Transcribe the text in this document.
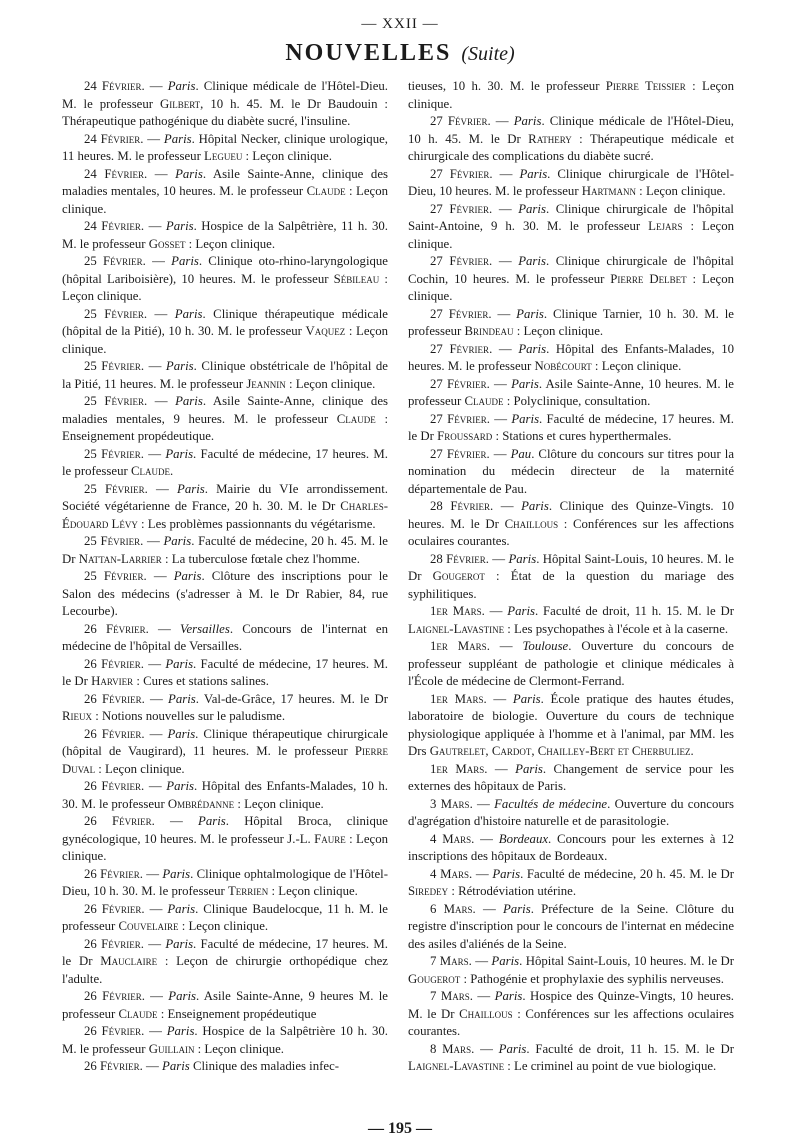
— XXII —
NOUVELLES (Suite)

24 Février. — Paris. Clinique médicale de l'Hôtel-Dieu. M. le professeur Gilbert, 10 h. 45. M. le Dr Baudouin : Thérapeutique pathogénique du diabète sucré, l'insuline.

24 Février. — Paris. Hôpital Necker, clinique urologique, 11 heures. M. le professeur Legueu : Leçon clinique.

24 Février. — Paris. Asile Sainte-Anne, clinique des maladies mentales, 10 heures. M. le professeur Claude : Leçon clinique.

24 Février. — Paris. Hospice de la Salpêtrière, 11 h. 30. M. le professeur Gosset : Leçon clinique.

25 Février. — Paris. Clinique oto-rhino-laryngologique (hôpital Lariboisière), 10 heures. M. le professeur Sébileau : Leçon clinique.

25 Février. — Paris. Clinique thérapeutique médicale (hôpital de la Pitié), 10 h. 30. M. le professeur Vaquez : Leçon clinique.

25 Février. — Paris. Clinique obstétricale de l'hôpital de la Pitié, 11 heures. M. le professeur Jeannin : Leçon clinique.

25 Février. — Paris. Asile Sainte-Anne, clinique des maladies mentales, 9 heures. M. le professeur Claude : Enseignement propédeutique.

25 Février. — Paris. Faculté de médecine, 17 heures. M. le professeur Claude.

25 Février. — Paris. Mairie du VIe arrondissement. Société végétarienne de France, 20 h. 30. M. le Dr Charles-Édouard Lévy : Les problèmes passionnants du végétarisme.

25 Février. — Paris. Faculté de médecine, 20 h. 45. M. le Dr Nattan-Larrier : La tuberculose fœtale chez l'homme.

25 Février. — Paris. Clôture des inscriptions pour le Salon des médecins (s'adresser à M. le Dr Rabier, 84, rue Lecourbe).

26 Février. — Versailles. Concours de l'internat en médecine de l'hôpital de Versailles.

26 Février. — Paris. Faculté de médecine, 17 heures. M. le Dr Harvier : Cures et stations salines.

26 Février. — Paris. Val-de-Grâce, 17 heures. M. le Dr Rieux : Notions nouvelles sur le paludisme.

26 Février. — Paris. Clinique thérapeutique chirurgicale (hôpital de Vaugirard), 11 heures. M. le professeur Pierre Duval : Leçon clinique.

26 Février. — Paris. Hôpital des Enfants-Malades, 10 h. 30. M. le professeur Ombrédanne : Leçon clinique.

26 Février. — Paris. Hôpital Broca, clinique gynécologique, 10 heures. M. le professeur J.-L. Faure : Leçon clinique.

26 Février. — Paris. Clinique ophtalmologique de l'Hôtel-Dieu, 10 h. 30. M. le professeur Terrien : Leçon clinique.

26 Février. — Paris. Clinique Baudelocque, 11 h. M. le professeur Couvelaire : Leçon clinique.

26 Février. — Paris. Faculté de médecine, 17 heures. M. le Dr Mauclaire : Leçon de chirurgie orthopédique chez l'adulte.

26 Février. — Paris. Asile Sainte-Anne, 9 heures M. le professeur Claude : Enseignement propédeutique

26 Février. — Paris. Hospice de la Salpêtrière 10 h. 30. M. le professeur Guillain : Leçon clinique.

26 Février. — Paris Clinique des maladies infec-

tieuses, 10 h. 30. M. le professeur Pierre Teissier : Leçon clinique.

27 Février. — Paris. Clinique médicale de l'Hôtel-Dieu, 10 h. 45. M. le Dr Rathery : Thérapeutique médicale et chirurgicale des complications du diabète sucré.

27 Février. — Paris. Clinique chirurgicale de l'Hôtel-Dieu, 10 heures. M. le professeur Hartmann : Leçon clinique.

27 Février. — Paris. Clinique chirurgicale de l'hôpital Saint-Antoine, 9 h. 30. M. le professeur Lejars : Leçon clinique.

27 Février. — Paris. Clinique chirurgicale de l'hôpital Cochin, 10 heures. M. le professeur Pierre Delbet : Leçon clinique.

27 Février. — Paris. Clinique Tarnier, 10 h. 30. M. le professeur Brindeau : Leçon clinique.

27 Février. — Paris. Hôpital des Enfants-Malades, 10 heures. M. le professeur Nobécourt : Leçon clinique.

27 Février. — Paris. Asile Sainte-Anne, 10 heures. M. le professeur Claude : Polyclinique, consultation.

27 Février. — Paris. Faculté de médecine, 17 heures. M. le Dr Froussard : Stations et cures hyperthermales.

27 Février. — Pau. Clôture du concours sur titres pour la nomination du médecin directeur de la maternité départementale de Pau.

28 Février. — Paris. Clinique des Quinze-Vingts. 10 heures. M. le Dr Chaillous : Conférences sur les affections oculaires courantes.

28 Février. — Paris. Hôpital Saint-Louis, 10 heures. M. le Dr Gougerot : État de la question du mariage des syphilitiques.

1er Mars. — Paris. Faculté de droit, 11 h. 15. M. le Dr Laignel-Lavastine : Les psychopathes à l'école et à la caserne.

1er Mars. — Toulouse. Ouverture du concours de professeur suppléant de pathologie et clinique médicales à l'École de médecine de Clermont-Ferrand.

1er Mars. — Paris. École pratique des hautes études, laboratoire de biologie. Ouverture du cours de technique physiologique appliquée à l'homme et à l'animal, par MM. les Drs Gautrelet, Cardot, Chailley-Bert et Cherbuliez.

1er Mars. — Paris. Changement de service pour les externes des hôpitaux de Paris.

3 Mars. — Facultés de médecine. Ouverture du concours d'agrégation d'histoire naturelle et de parasitologie.

4 Mars. — Bordeaux. Concours pour les externes à 12 inscriptions des hôpitaux de Bordeaux.

4 Mars. — Paris. Faculté de médecine, 20 h. 45. M. le Dr Siredey : Rétrodéviation utérine.

6 Mars. — Paris. Préfecture de la Seine. Clôture du registre d'inscription pour le concours de l'internat en médecine des asiles d'aliénés de la Seine.

7 Mars. — Paris. Hôpital Saint-Louis, 10 heures. M. le Dr Gougerot : Pathogénie et prophylaxie des syphilis nerveuses.

7 Mars. — Paris. Hospice des Quinze-Vingts, 10 heures. M. le Dr Chaillous : Conférences sur les affections oculaires courantes.

8 Mars. — Paris. Faculté de droit, 11 h. 15. M. le Dr Laignel-Lavastine : Le criminel au point de vue biologique.

— 195 —
